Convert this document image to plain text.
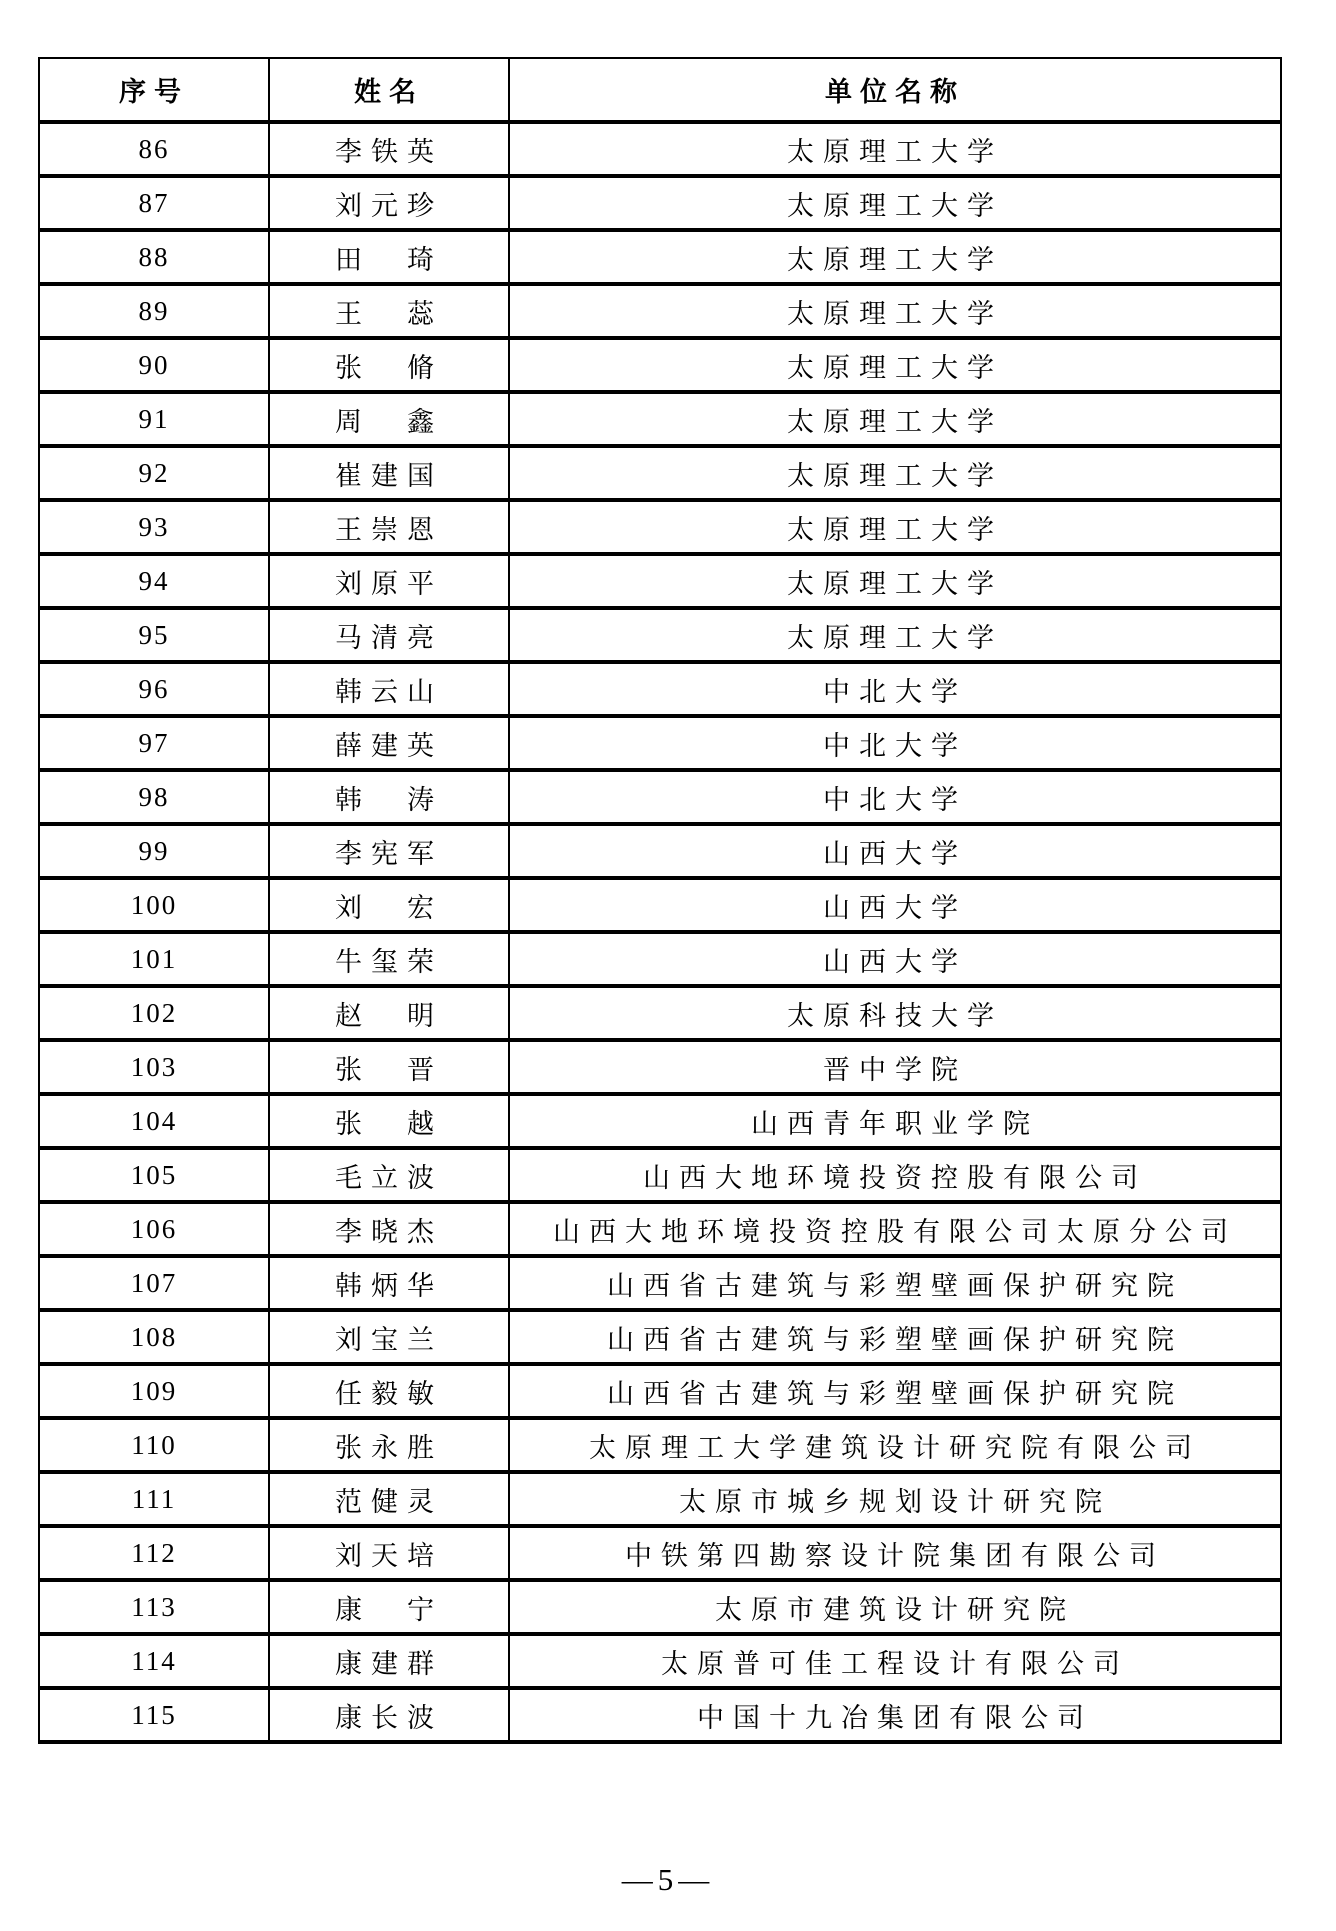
序号	姓名	单位名称
86	李铁英	太原理工大学
87	刘元珍	太原理工大学
88	田　琦	太原理工大学
89	王　蕊	太原理工大学
90	张　脩	太原理工大学
91	周　鑫	太原理工大学
92	崔建国	太原理工大学
93	王崇恩	太原理工大学
94	刘原平	太原理工大学
95	马清亮	太原理工大学
96	韩云山	中北大学
97	薛建英	中北大学
98	韩　涛	中北大学
99	李宪军	山西大学
100	刘　宏	山西大学
101	牛玺荣	山西大学
102	赵　明	太原科技大学
103	张　晋	晋中学院
104	张　越	山西青年职业学院
105	毛立波	山西大地环境投资控股有限公司
106	李晓杰	山西大地环境投资控股有限公司太原分公司
107	韩炳华	山西省古建筑与彩塑壁画保护研究院
108	刘宝兰	山西省古建筑与彩塑壁画保护研究院
109	任毅敏	山西省古建筑与彩塑壁画保护研究院
110	张永胜	太原理工大学建筑设计研究院有限公司
111	范健灵	太原市城乡规划设计研究院
112	刘天培	中铁第四勘察设计院集团有限公司
113	康　宁	太原市建筑设计研究院
114	康建群	太原普可佳工程设计有限公司
115	康长波	中国十九冶集团有限公司
—5—
